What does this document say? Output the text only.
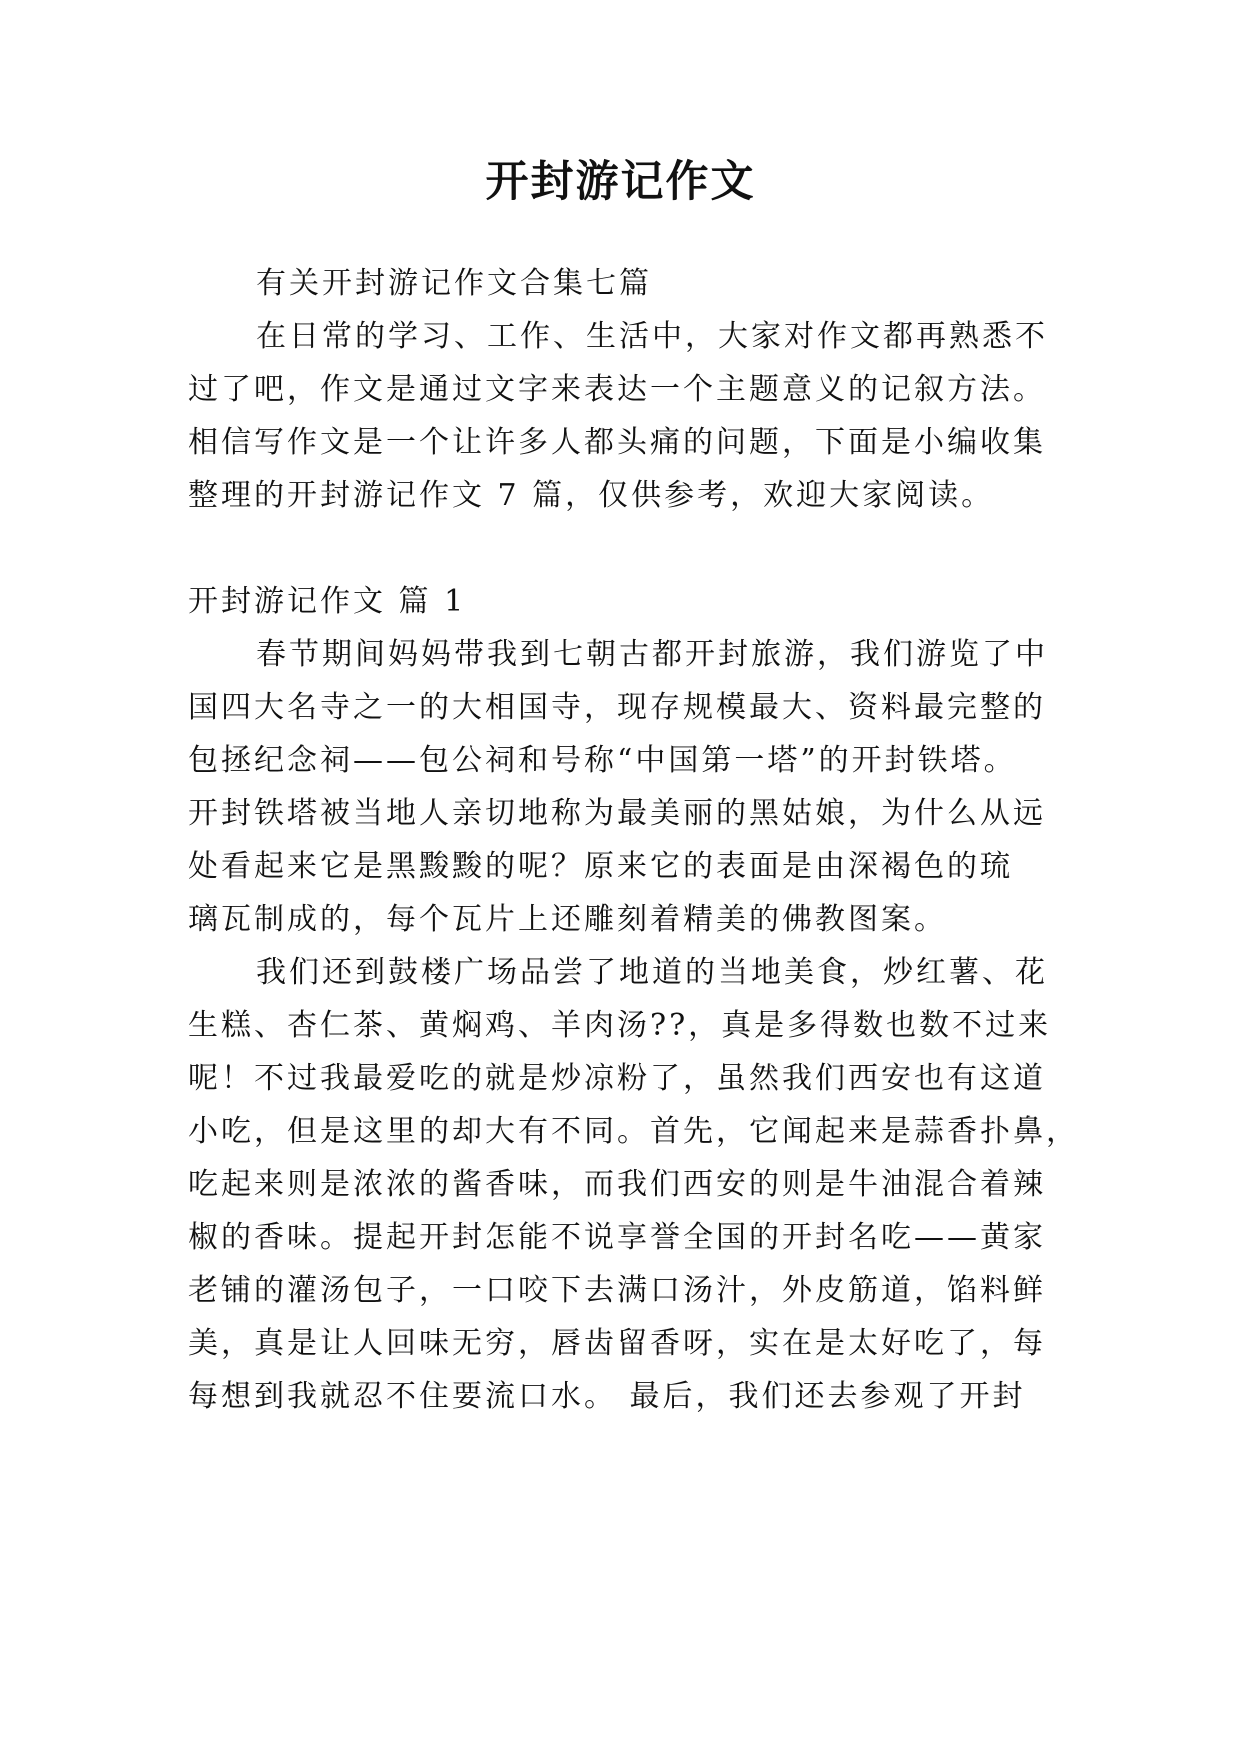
开封游记作文
有关开封游记作文合集七篇
在日常的学习、工作、生活中，大家对作文都再熟悉不
过了吧，作文是通过文字来表达一个主题意义的记叙方法。
相信写作文是一个让许多人都头痛的问题，下面是小编收集
整理的开封游记作文 7 篇，仅供参考，欢迎大家阅读。
开封游记作文 篇 1
春节期间妈妈带我到七朝古都开封旅游，我们游览了中
国四大名寺之一的大相国寺，现存规模最大、资料最完整的
包拯纪念祠——包公祠和号称“中国第一塔”的开封铁塔。
开封铁塔被当地人亲切地称为最美丽的黑姑娘，为什么从远
处看起来它是黑黢黢的呢？原来它的表面是由深褐色的琉
璃瓦制成的，每个瓦片上还雕刻着精美的佛教图案。
我们还到鼓楼广场品尝了地道的当地美食，炒红薯、花
生糕、杏仁茶、黄焖鸡、羊肉汤??，真是多得数也数不过来
呢！不过我最爱吃的就是炒凉粉了，虽然我们西安也有这道
小吃，但是这里的却大有不同。首先，它闻起来是蒜香扑鼻，
吃起来则是浓浓的酱香味，而我们西安的则是牛油混合着辣
椒的香味。提起开封怎能不说享誉全国的开封名吃——黄家
老铺的灌汤包子，一口咬下去满口汤汁，外皮筋道，馅料鲜
美，真是让人回味无穷，唇齿留香呀，实在是太好吃了，每
每想到我就忍不住要流口水。 最后，我们还去参观了开封
